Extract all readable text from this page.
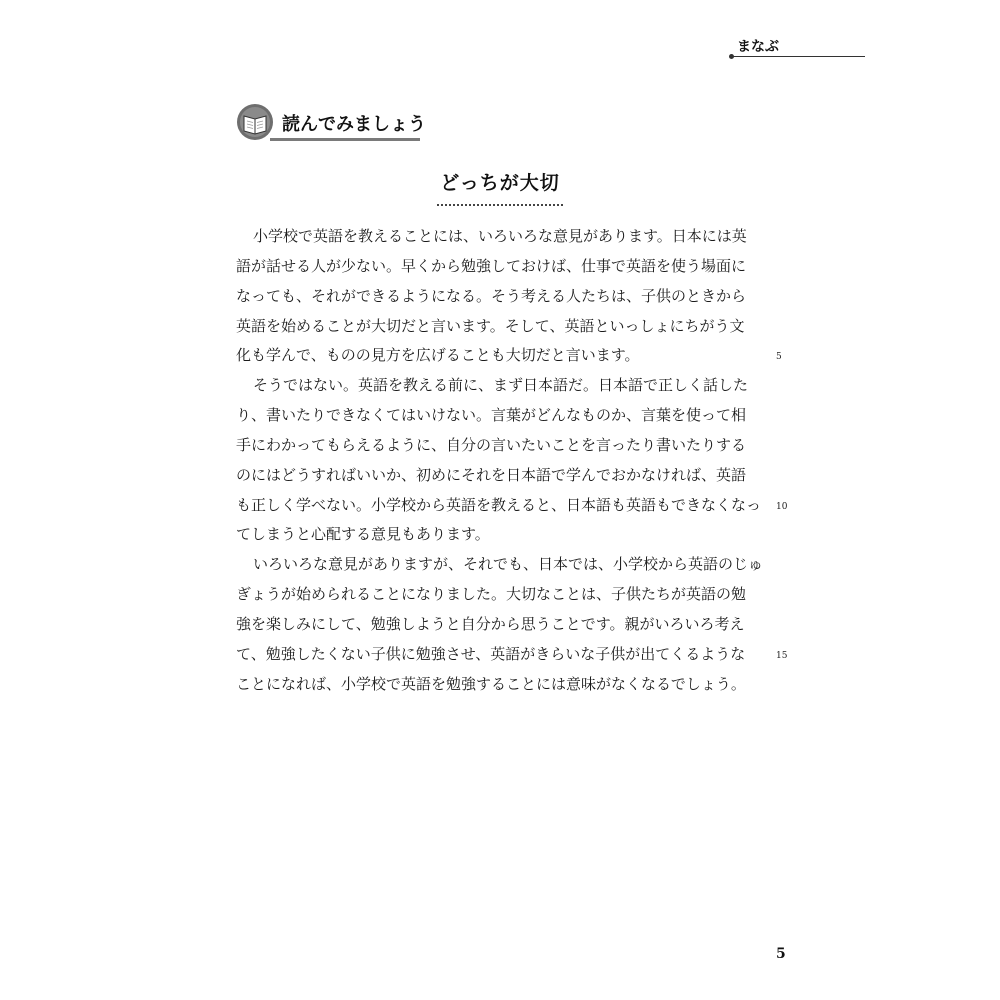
まなぶ
読んでみましょう
どっちが大切
小学校で英語を教えることには、いろいろな意見があります。日本には英
語が話せる人が少ない。早くから勉強しておけば、仕事で英語を使う場面に
なっても、それができるようになる。そう考える人たちは、子供のときから
英語を始めることが大切だと言います。そして、英語といっしょにちがう文
化も学んで、ものの見方を広げることも大切だと言います。	5
そうではない。英語を教える前に、まず日本語だ。日本語で正しく話した
り、書いたりできなくてはいけない。言葉がどんなものか、言葉を使って相
手にわかってもらえるように、自分の言いたいことを言ったり書いたりする
のにはどうすればいいか、初めにそれを日本語で学んでおかなければ、英語
も正しく学べない。小学校から英語を教えると、日本語も英語もできなくなっ 10
てしまうと心配する意見もあります。
いろいろな意見がありますが、それでも、日本では、小学校から英語のじゅ
ぎょうが始められることになりました。大切なことは、子供たちが英語の勉
強を楽しみにして、勉強しようと自分から思うことです。親がいろいろ考え
て、勉強したくない子供に勉強させ、英語がきらいな子供が出てくるような	15
ことになれば、小学校で英語を勉強することには意味がなくなるでしょう。
5
